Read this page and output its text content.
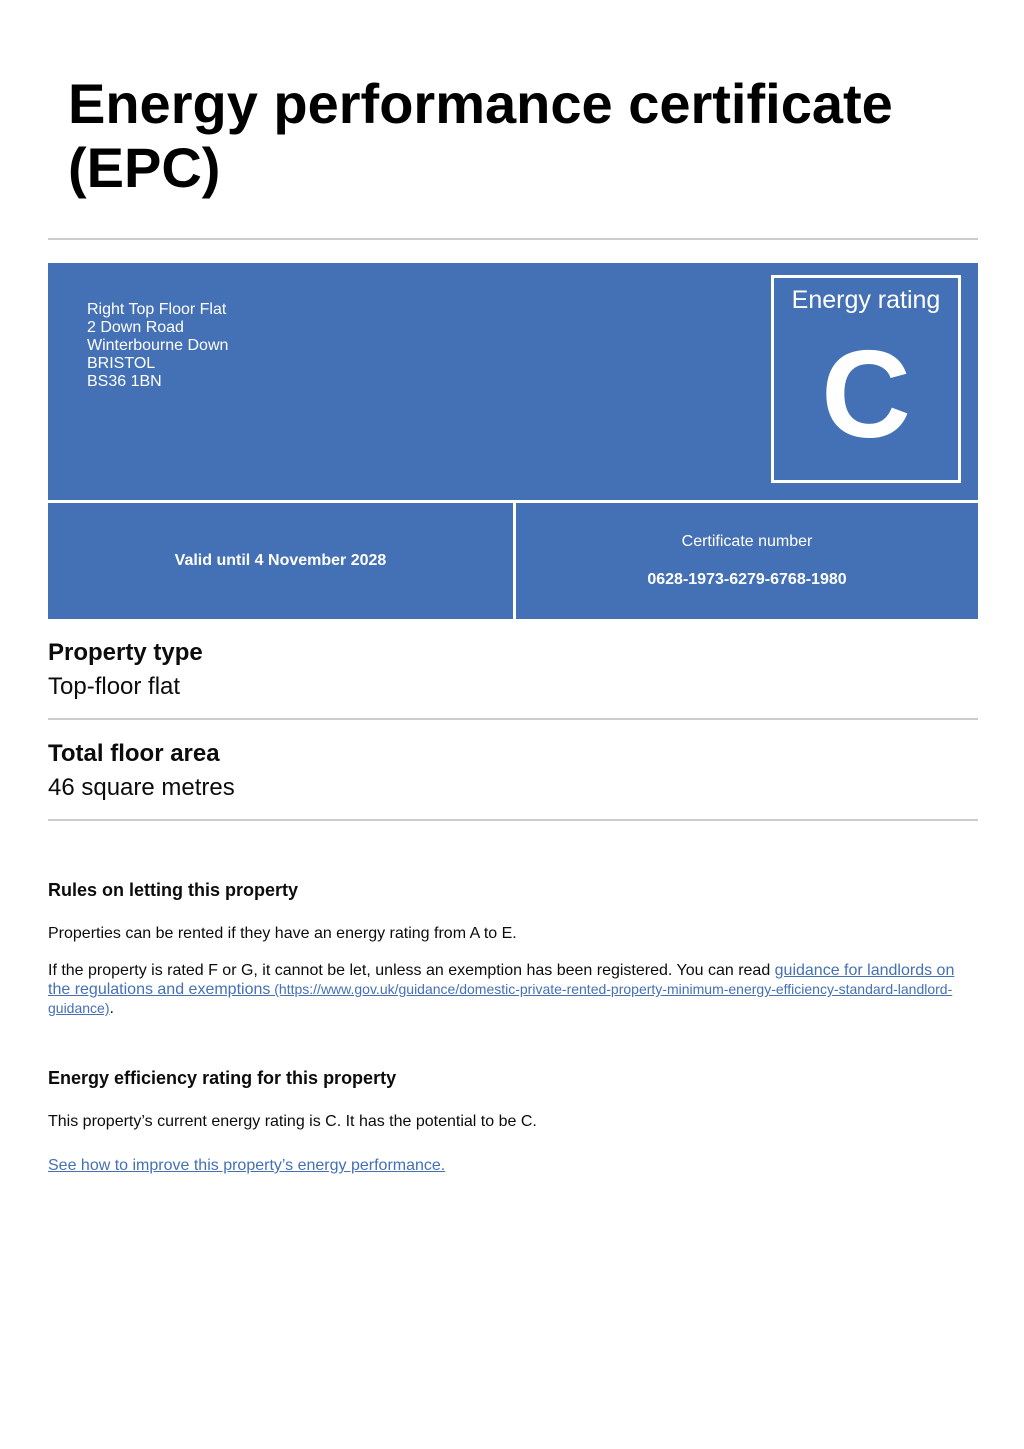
Energy performance certificate (EPC)
Right Top Floor Flat
2 Down Road
Winterbourne Down
BRISTOL
BS36 1BN
Energy rating
C
Valid until 4 November 2028
Certificate number
0628-1973-6279-6768-1980
Property type

Top-floor flat

Total floor area

46 square metres

Rules on letting this property

Properties can be rented if they have an energy rating from A to E.

If the property is rated F or G, it cannot be let, unless an exemption has been registered. You can read guidance for landlords on the regulations and exemptions (https://www.gov.uk/guidance/domestic-private-rented-property-minimum-energy-efficiency-standard-landlord-guidance).

Energy efficiency rating for this property

This property’s current energy rating is C. It has the potential to be C.

See how to improve this property’s energy performance.
